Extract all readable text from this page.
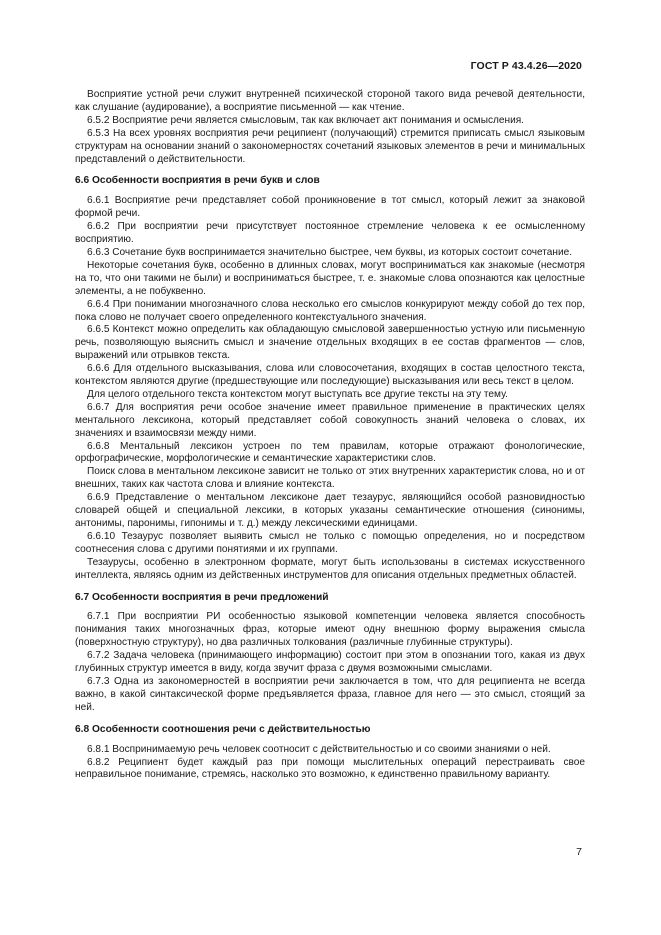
ГОСТ Р 43.4.26—2020

Восприятие устной речи служит внутренней психической стороной такого вида речевой деятельности, как слушание (аудирование), а восприятие письменной — как чтение.

6.5.2 Восприятие речи является смысловым, так как включает акт понимания и осмысления.

6.5.3 На всех уровнях восприятия речи реципиент (получающий) стремится приписать смысл языковым структурам на основании знаний о закономерностях сочетаний языковых элементов в речи и минимальных представлений о действительности.

6.6 Особенности восприятия в речи букв и слов

6.6.1 Восприятие речи представляет собой проникновение в тот смысл, который лежит за знаковой формой речи.

6.6.2 При восприятии речи присутствует постоянное стремление человека к ее осмысленному восприятию.

6.6.3 Сочетание букв воспринимается значительно быстрее, чем буквы, из которых состоит сочетание.

Некоторые сочетания букв, особенно в длинных словах, могут восприниматься как знакомые (несмотря на то, что они такими не были) и восприниматься быстрее, т. е. знакомые слова опознаются как целостные элементы, а не побуквенно.

6.6.4 При понимании многозначного слова несколько его смыслов конкурируют между собой до тех пор, пока слово не получает своего определенного контекстуального значения.

6.6.5 Контекст можно определить как обладающую смысловой завершенностью устную или письменную речь, позволяющую выяснить смысл и значение отдельных входящих в ее состав фрагментов — слов, выражений или отрывков текста.

6.6.6 Для отдельного высказывания, слова или словосочетания, входящих в состав целостного текста, контекстом являются другие (предшествующие или последующие) высказывания или весь текст в целом.

Для целого отдельного текста контекстом могут выступать все другие тексты на эту тему.

6.6.7 Для восприятия речи особое значение имеет правильное применение в практических целях ментального лексикона, который представляет собой совокупность знаний человека о словах, их значениях и взаимосвязи между ними.

6.6.8 Ментальный лексикон устроен по тем правилам, которые отражают фонологические, орфографические, морфологические и семантические характеристики слов.

Поиск слова в ментальном лексиконе зависит не только от этих внутренних характеристик слова, но и от внешних, таких как частота слова и влияние контекста.

6.6.9 Представление о ментальном лексиконе дает тезаурус, являющийся особой разновидностью словарей общей и специальной лексики, в которых указаны семантические отношения (синонимы, антонимы, паронимы, гипонимы и т. д.) между лексическими единицами.

6.6.10 Тезаурус позволяет выявить смысл не только с помощью определения, но и посредством соотнесения слова с другими понятиями и их группами.

Тезаурусы, особенно в электронном формате, могут быть использованы в системах искусственного интеллекта, являясь одним из действенных инструментов для описания отдельных предметных областей.

6.7 Особенности восприятия в речи предложений

6.7.1 При восприятии РИ особенностью языковой компетенции человека является способность понимания таких многозначных фраз, которые имеют одну внешнюю форму выражения смысла (поверхностную структуру), но два различных толкования (различные глубинные структуры).

6.7.2 Задача человека (принимающего информацию) состоит при этом в опознании того, какая из двух глубинных структур имеется в виду, когда звучит фраза с двумя возможными смыслами.

6.7.3 Одна из закономерностей в восприятии речи заключается в том, что для реципиента не всегда важно, в какой синтаксической форме предъявляется фраза, главное для него — это смысл, стоящий за ней.

6.8 Особенности соотношения речи с действительностью

6.8.1 Воспринимаемую речь человек соотносит с действительностью и со своими знаниями о ней.

6.8.2 Реципиент будет каждый раз при помощи мыслительных операций перестраивать свое неправильное понимание, стремясь, насколько это возможно, к единственно правильному варианту.

7
